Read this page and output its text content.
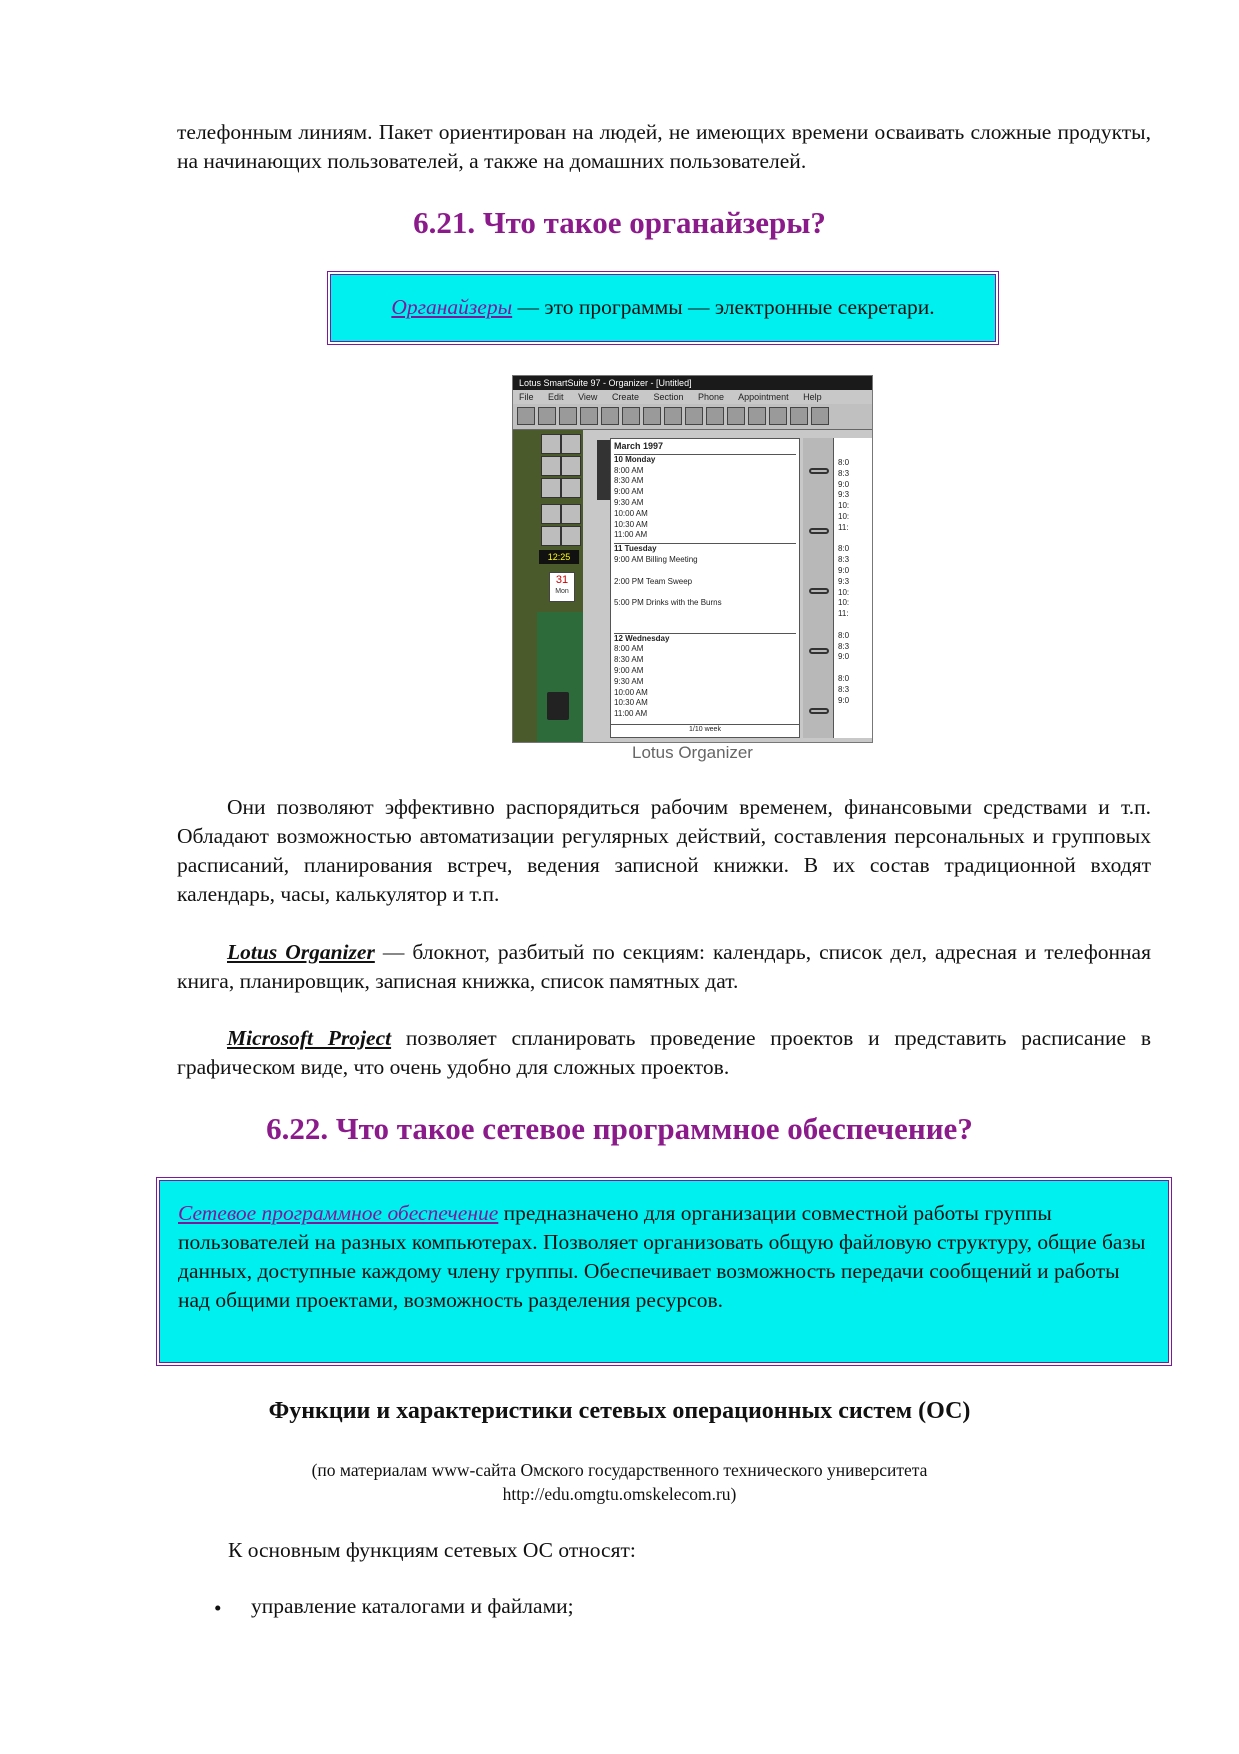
телефонным линиям. Пакет ориентирован на людей, не имеющих времени осваивать сложные продукты, на начинающих пользователей, а также на домашних пользователей.

6.21. Что такое органайзеры?
Органайзеры — это программы — электронные секретари.
Lotus SmartSuite 97 - Organizer - [Untitled]
File Edit View Create Section Phone Appointment Help
12:25
31
Mon
March 1997
10 Monday
8:00 AM
8:30 AM
9:00 AM
9:30 AM
10:00 AM
10:30 AM
11:00 AM
11 Tuesday
9:00 AM Billing Meeting
2:00 PM Team Sweep
5:00 PM Drinks with the Burns
12 Wednesday
8:00 AM
8:30 AM
9:00 AM
9:30 AM
10:00 AM
10:30 AM
11:00 AM
1/10 week
8:0
8:3
9:0
9:3
10:
10:
11:
8:0
8:3
9:0
9:3
10:
10:
11:
8:0
8:3
9:0
8:0
8:3
9:0
Lotus Organizer

Они позволяют эффективно распорядиться рабочим временем, финансовыми средствами и т.п. Обладают возможностью автоматизации регулярных действий, составления персональных и групповых расписаний, планирования встреч, ведения записной книжки. В их состав традиционной входят календарь, часы, калькулятор и т.п.

Lotus Organizer — блокнот, разбитый по секциям: календарь, список дел, адресная и телефонная книга, планировщик, записная книжка, список памятных дат.

Microsoft Project позволяет спланировать проведение проектов и представить расписание в графическом виде, что очень удобно для сложных проектов.

6.22. Что такое сетевое программное обеспечение?
Сетевое программное обеспечение предназначено для организации совместной работы группы пользователей на разных компьютерах. Позволяет организовать общую файловую структуру, общие базы данных, доступные каждому члену группы. Обеспечивает возможность передачи сообщений и работы над общими проектами, возможность разделения ресурсов.
Функции и характеристики сетевых операционных систем (ОС)

(по материалам www-сайта Омского государственного технического университета

http://edu.omgtu.omskelecom.ru)

К основным функциям сетевых ОС относят:

• управление каталогами и файлами;
